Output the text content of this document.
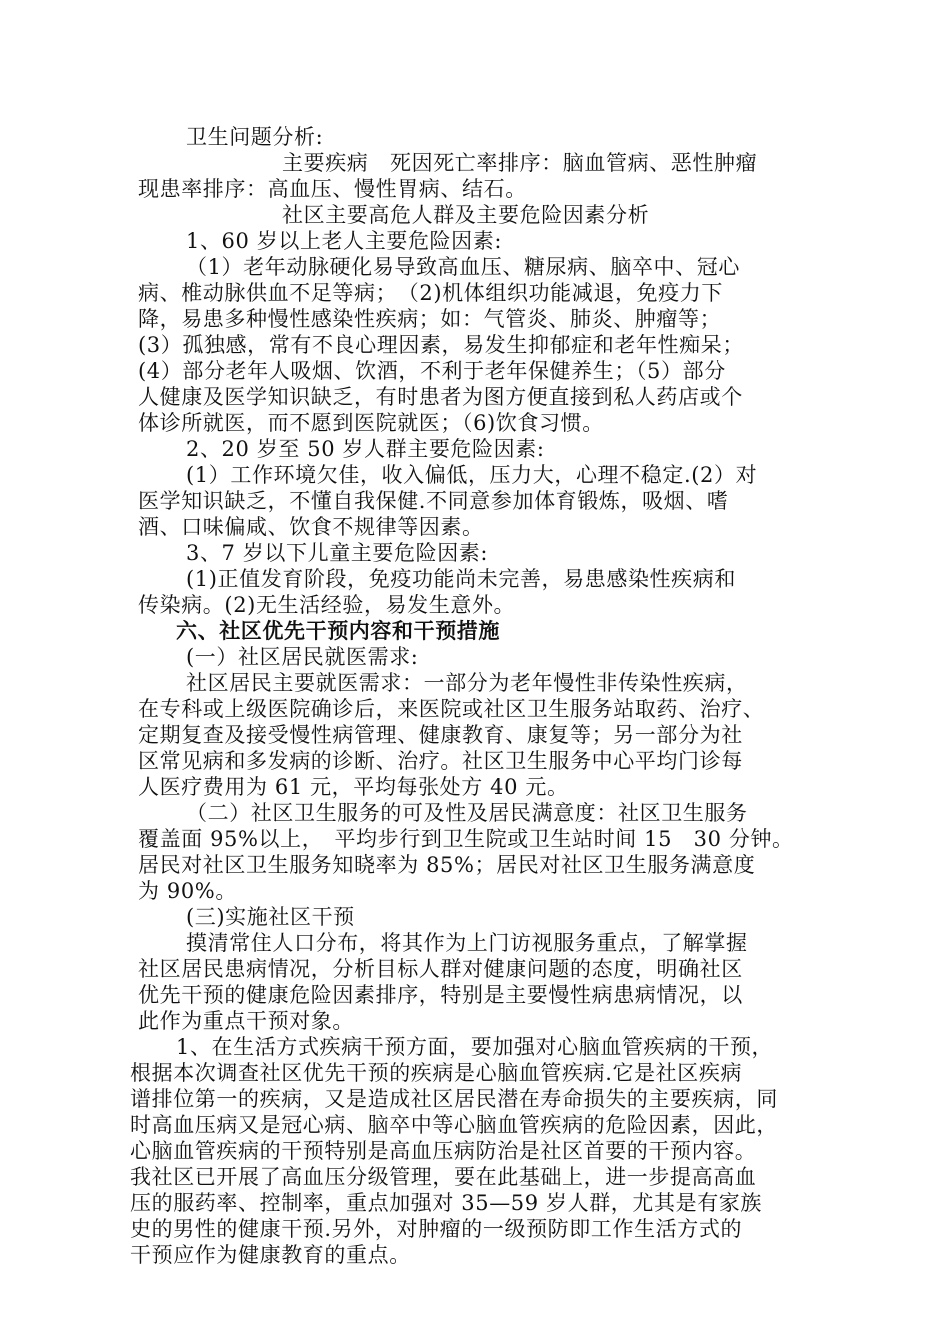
卫生问题分析:
主要疾病　死因死亡率排序：脑血管病、恶性肿瘤
现患率排序：高血压、慢性胃病、结石。
社区主要高危人群及主要危险因素分析
1、60 岁以上老人主要危险因素:
（1）老年动脉硬化易导致高血压、糖尿病、脑卒中、冠心
病、椎动脉供血不足等病；　（2)机体组织功能减退，免疫力下
降，易患多种慢性感染性疾病；如：气管炎、肺炎、肿瘤等；
(3）孤独感，常有不良心理因素，易发生抑郁症和老年性痴呆；
(4）部分老年人吸烟、饮酒，不利于老年保健养生；（5）部分
人健康及医学知识缺乏，有时患者为图方便直接到私人药店或个
体诊所就医，而不愿到医院就医；（6)饮食习惯。
2、20 岁至 50 岁人群主要危险因素:
(1）工作环境欠佳，收入偏低，压力大，心理不稳定.(2）对
医学知识缺乏，不懂自我保健.不同意参加体育锻炼，吸烟、嗜
酒、口味偏咸、饮食不规律等因素。
3、7 岁以下儿童主要危险因素:
(1)正值发育阶段，免疫功能尚未完善，易患感染性疾病和
传染病。(2)无生活经验，易发生意外。
六、社区优先干预内容和干预措施
(一）社区居民就医需求:
社区居民主要就医需求：一部分为老年慢性非传染性疾病，
在专科或上级医院确诊后，来医院或社区卫生服务站取药、治疗、
定期复查及接受慢性病管理、健康教育、康复等；另一部分为社
区常见病和多发病的诊断、治疗。社区卫生服务中心平均门诊每
人医疗费用为 61 元，平均每张处方 40 元。
（二）社区卫生服务的可及性及居民满意度：社区卫生服务
覆盖面 95%以上，　平均步行到卫生院或卫生站时间 15　30 分钟。
居民对社区卫生服务知晓率为 85%；居民对社区卫生服务满意度
为 90%。
(三)实施社区干预
摸清常住人口分布，将其作为上门访视服务重点，了解掌握
社区居民患病情况，分析目标人群对健康问题的态度，明确社区
优先干预的健康危险因素排序，特别是主要慢性病患病情况，以
此作为重点干预对象。
1、在生活方式疾病干预方面，要加强对心脑血管疾病的干预，
根据本次调查社区优先干预的疾病是心脑血管疾病.它是社区疾病
谱排位第一的疾病，又是造成社区居民潜在寿命损失的主要疾病，同
时高血压病又是冠心病、脑卒中等心脑血管疾病的危险因素，因此，
心脑血管疾病的干预特别是高血压病防治是社区首要的干预内容。
我社区已开展了高血压分级管理，要在此基础上，进一步提高高血
压的服药率、控制率，重点加强对 35—59 岁人群，尤其是有家族
史的男性的健康干预.另外，对肿瘤的一级预防即工作生活方式的
干预应作为健康教育的重点。
